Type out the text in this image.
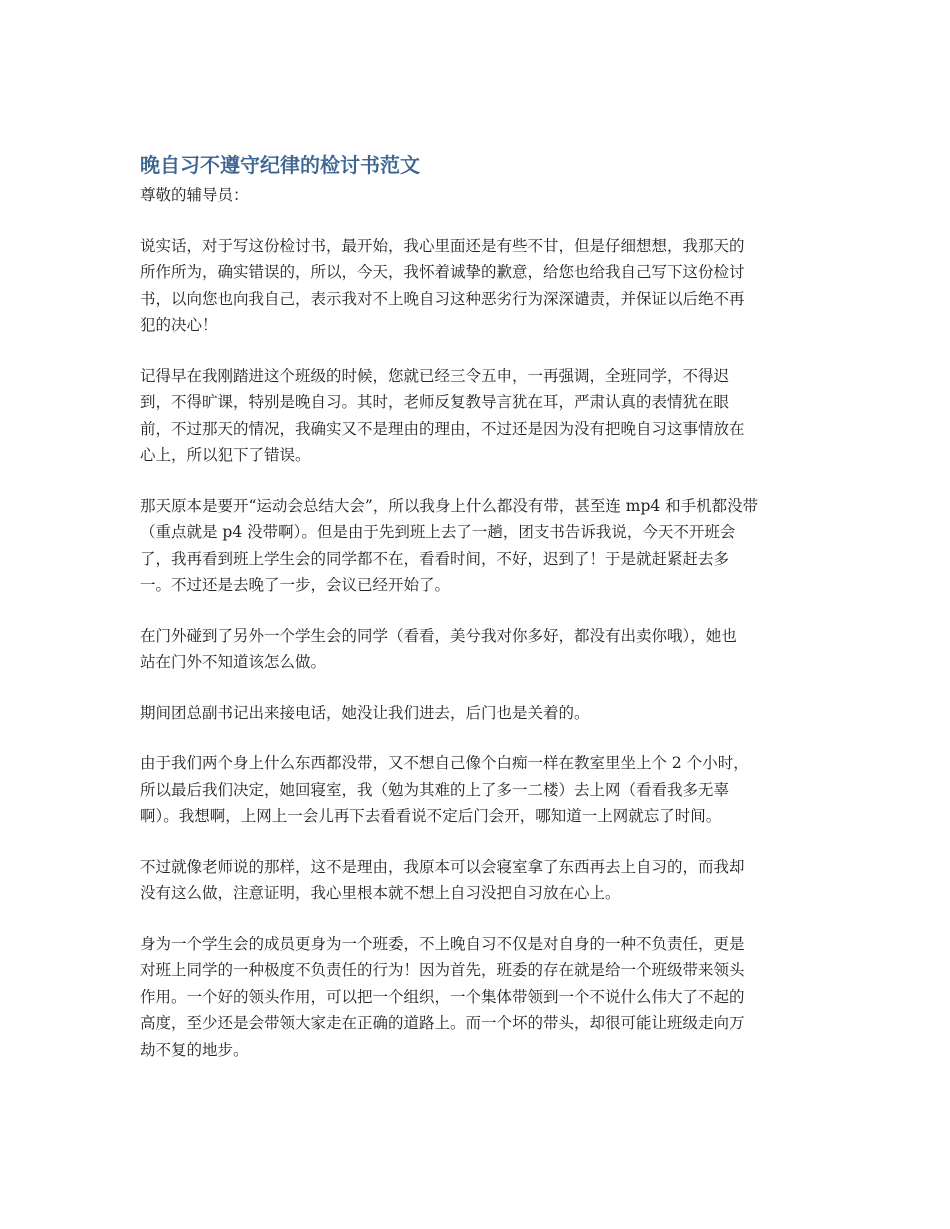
晚自习不遵守纪律的检讨书范文

尊敬的辅导员：

说实话，对于写这份检讨书，最开始，我心里面还是有些不甘，但是仔细想想，我那天的
所作所为，确实错误的，所以，今天，我怀着诚挚的歉意，给您也给我自己写下这份检讨
书，以向您也向我自己，表示我对不上晚自习这种恶劣行为深深谴责，并保证以后绝不再
犯的决心！

记得早在我刚踏进这个班级的时候，您就已经三令五申，一再强调，全班同学，不得迟
到，不得旷课，特别是晚自习。其时，老师反复教导言犹在耳，严肃认真的表情犹在眼
前，不过那天的情况，我确实又不是理由的理由，不过还是因为没有把晚自习这事情放在
心上，所以犯下了错误。

那天原本是要开“运动会总结大会”，所以我身上什么都没有带，甚至连 mp4 和手机都没带
（重点就是 p4 没带啊）。但是由于先到班上去了一趟，团支书告诉我说，今天不开班会
了，我再看到班上学生会的同学都不在，看看时间，不好，迟到了！于是就赶紧赶去多
一。不过还是去晚了一步，会议已经开始了。

在门外碰到了另外一个学生会的同学（看看，美兮我对你多好，都没有出卖你哦），她也
站在门外不知道该怎么做。

期间团总副书记出来接电话，她没让我们进去，后门也是关着的。

由于我们两个身上什么东西都没带，又不想自己像个白痴一样在教室里坐上个 2 个小时，
所以最后我们决定，她回寝室，我（勉为其难的上了多一二楼）去上网（看看我多无辜
啊）。我想啊，上网上一会儿再下去看看说不定后门会开，哪知道一上网就忘了时间。

不过就像老师说的那样，这不是理由，我原本可以会寝室拿了东西再去上自习的，而我却
没有这么做，注意证明，我心里根本就不想上自习没把自习放在心上。

身为一个学生会的成员更身为一个班委，不上晚自习不仅是对自身的一种不负责任，更是
对班上同学的一种极度不负责任的行为！因为首先，班委的存在就是给一个班级带来领头
作用。一个好的领头作用，可以把一个组织，一个集体带领到一个不说什么伟大了不起的
高度，至少还是会带领大家走在正确的道路上。而一个坏的带头，却很可能让班级走向万
劫不复的地步。
